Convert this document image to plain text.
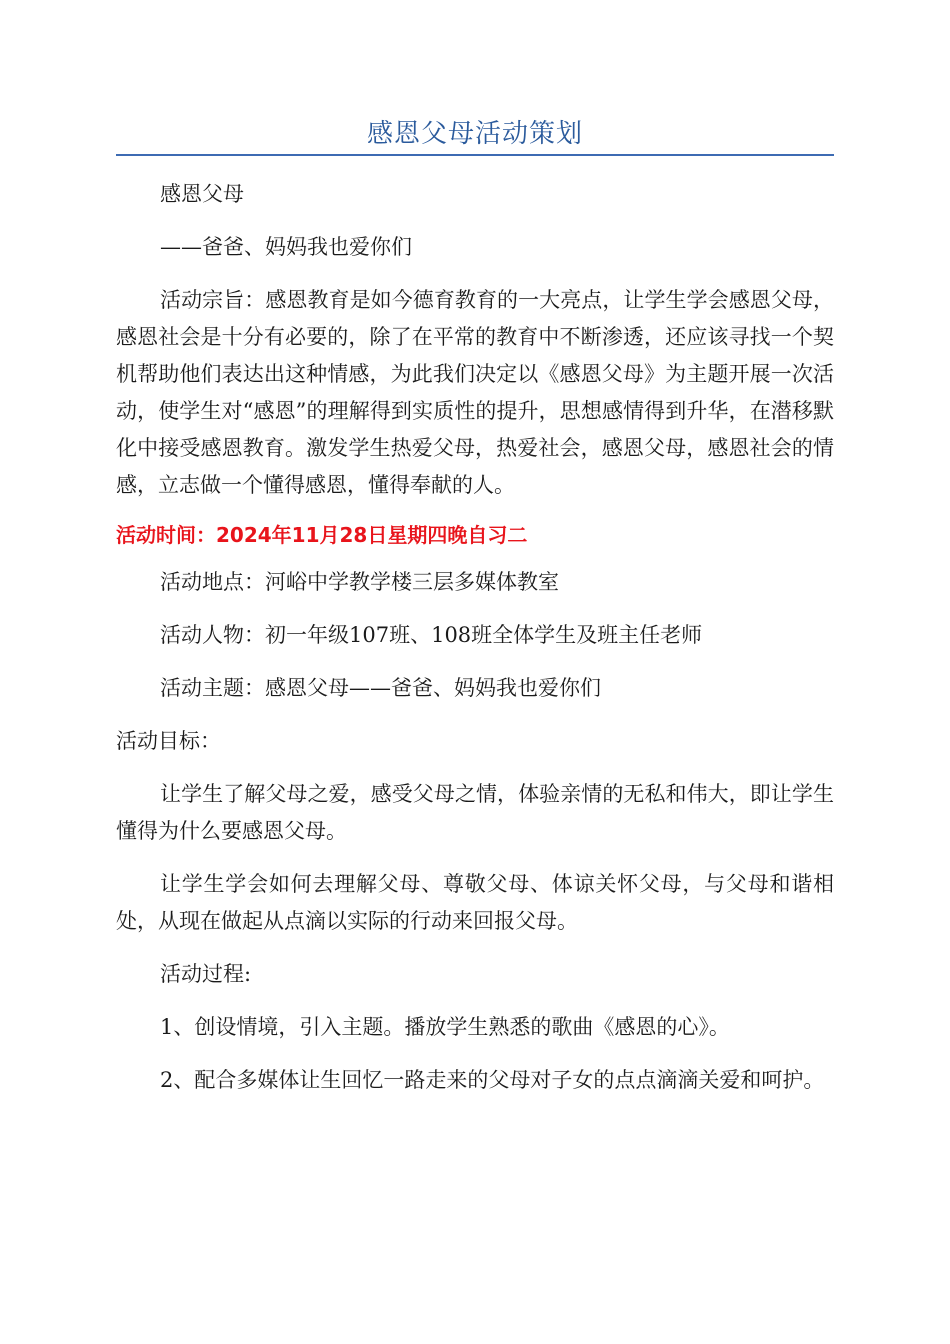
感恩父母活动策划

感恩父母

——爸爸、妈妈我也爱你们

活动宗旨：感恩教育是如今德育教育的一大亮点，让学生学会感恩父母，感恩社会是十分有必要的，除了在平常的教育中不断渗透，还应该寻找一个契机帮助他们表达出这种情感，为此我们决定以《感恩父母》为主题开展一次活动，使学生对“感恩”的理解得到实质性的提升，思想感情得到升华，在潜移默化中接受感恩教育。激发学生热爱父母，热爱社会，感恩父母，感恩社会的情感，立志做一个懂得感恩，懂得奉献的人。

活动时间：2024年11月28日星期四晚自习二

活动地点：河峪中学教学楼三层多媒体教室

活动人物：初一年级107班、108班全体学生及班主任老师

活动主题：感恩父母——爸爸、妈妈我也爱你们

活动目标：

让学生了解父母之爱，感受父母之情，体验亲情的无私和伟大，即让学生懂得为什么要感恩父母。

让学生学会如何去理解父母、尊敬父母、体谅关怀父母，与父母和谐相处，从现在做起从点滴以实际的行动来回报父母。

活动过程:

1、创设情境，引入主题。播放学生熟悉的歌曲《感恩的心》。

2、配合多媒体让生回忆一路走来的父母对子女的点点滴滴关爱和呵护。
